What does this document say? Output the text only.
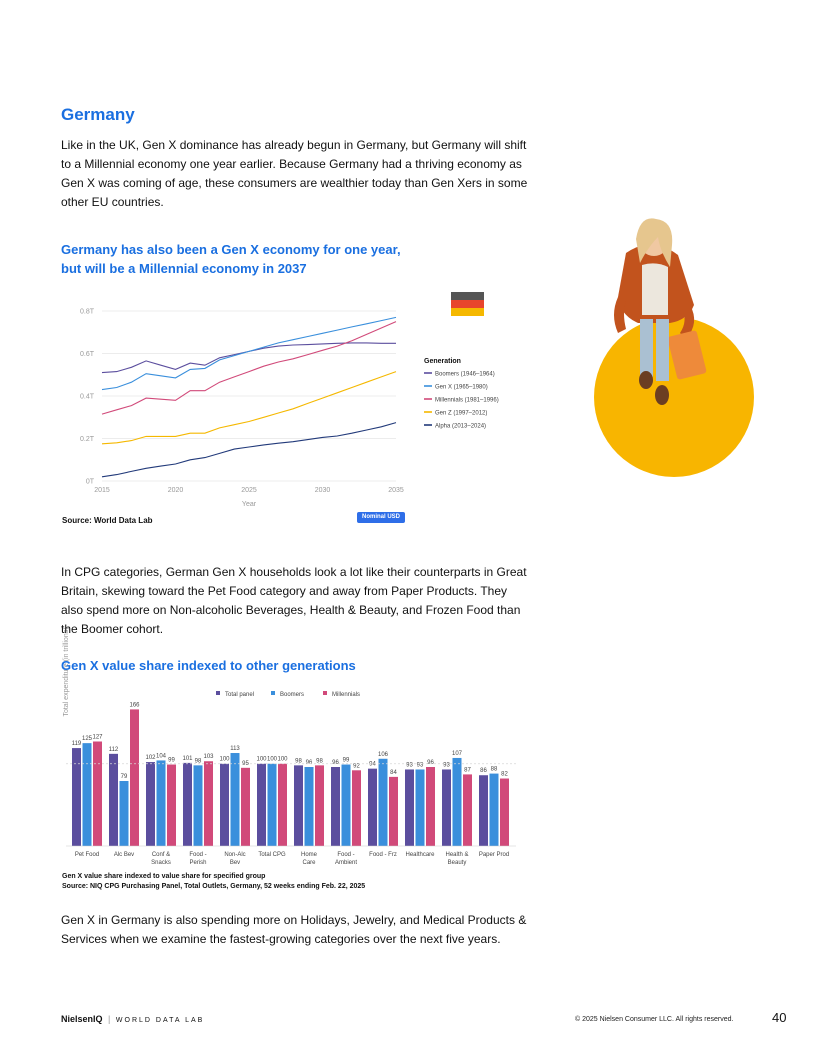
Germany

Like in the UK, Gen X dominance has already begun in Germany, but Germany will shift to a Millennial economy one year earlier. Because Germany had a thriving economy as Gen X was coming of age, these consumers are wealthier today than Gen Xers in some other EU countries.

Germany has also been a Gen X economy for one year, but will be a Millennial economy in 2037

2015	2020	2025	2030	2035
0T
0.2T
0.4T
0.6T
0.8T
Year
Total expenditure (in trillions)
Generation
Boomers (1946–1964)
Gen X (1965–1980)
Millennials (1981–1996)
Gen Z (1997–2012)
Alpha (2013–2024)
Source: World Data Lab	Nominal USD

In CPG categories, German Gen X households look a lot like their counterparts in Great Britain, skewing toward the Pet Food category and away from Paper Products. They also spend more on Non-alcoholic Beverages, Health & Beauty, and Frozen Food than the Boomer cohort.

Gen X value share indexed to other generations

Total panel	Boomers	Millennials
119
125 127
112
79
166
102 104
99 101 98
103 100
113
95
100 100 100 98 96 98 96 99
92 94
106
84
93 93 96 93
107
87 86 88
82
Pet Food Alc Bev	Conf &
Snacks
Food -
Perish
Non-Alc
Bev
Total CPG	Home
Care
Food -
Ambient
Food - Frz Healthcare Health &
Beauty
Paper Prod
Gen X value share indexed to value share for specified group
Source: NIQ CPG Purchasing Panel, Total Outlets, Germany, 52 weeks ending Feb. 22, 2025

Gen X in Germany is also spending more on Holidays, Jewelry, and Medical Products & Services when we examine the fastest-growing categories over the next five years.

NielsenIQ | WORLD DATA LAB	© 2025 Nielsen Consumer LLC. All rights reserved.	40
